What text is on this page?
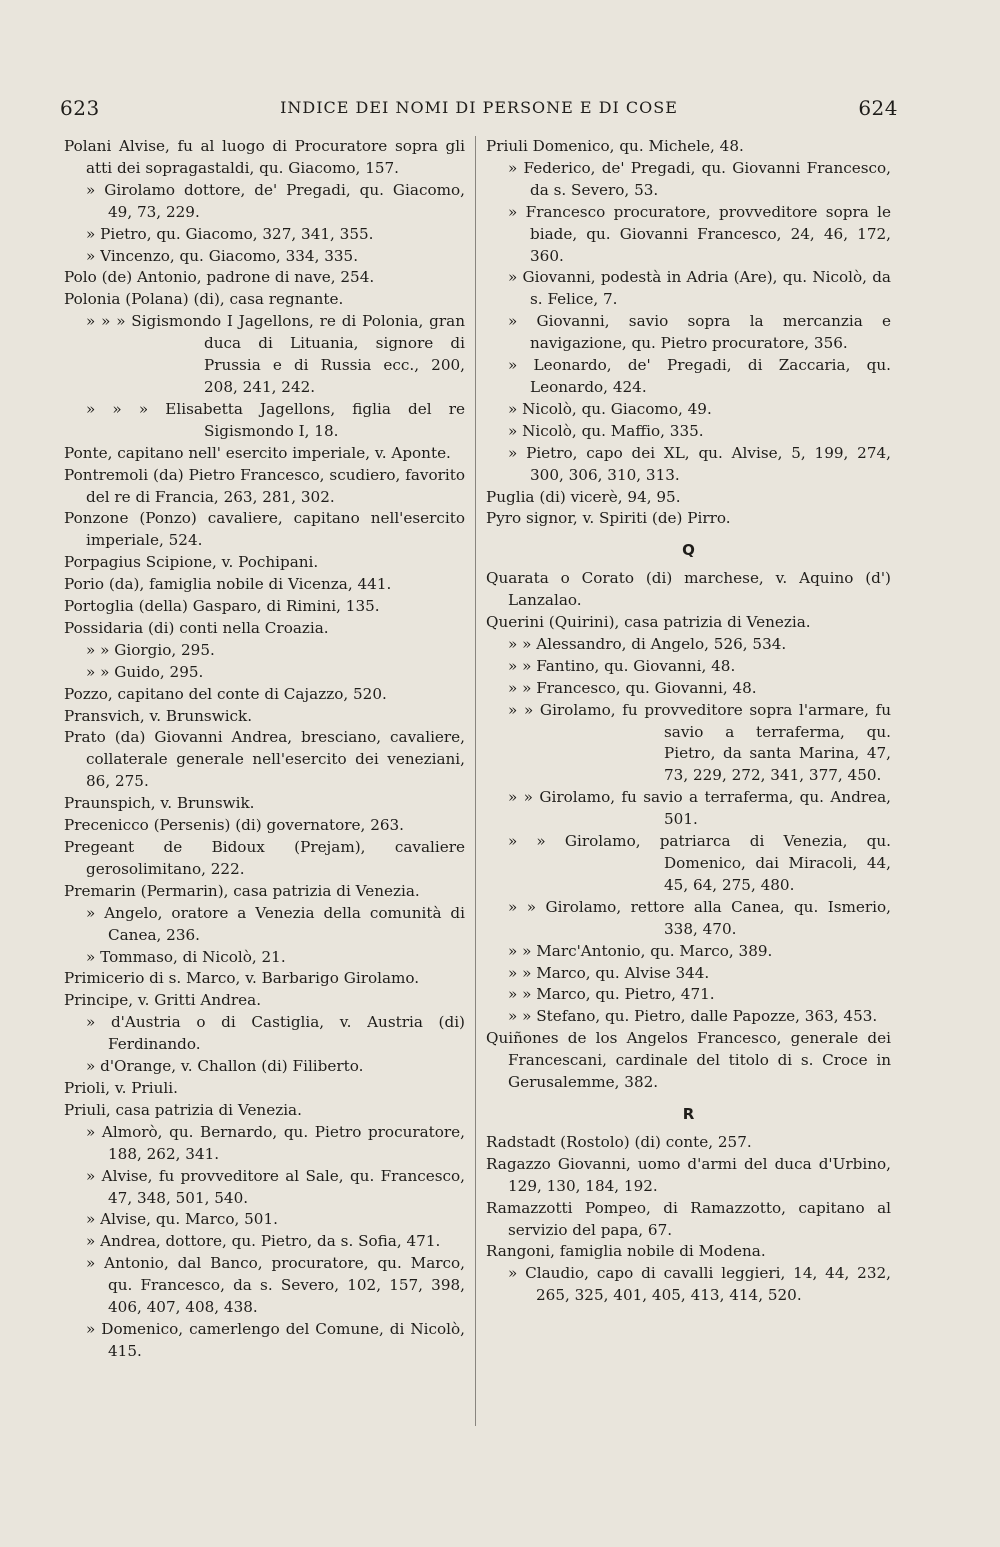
623	INDICE DEI NOMI DI PERSONE E DI COSE	624
Polani Alvise, fu al luogo di Procuratore sopra gli atti dei sopragastaldi, qu. Giacomo, 157.
» Girolamo dottore, de' Pregadi, qu. Giacomo, 49, 73, 229.
» Pietro, qu. Giacomo, 327, 341, 355.
» Vincenzo, qu. Giacomo, 334, 335.
Polo (de) Antonio, padrone di nave, 254.
Polonia (Polana) (di), casa regnante.
» » » Sigismondo I Jagellons, re di Polonia, gran duca di Lituania, signore di Prussia e di Russia ecc., 200, 208, 241, 242.
» » » Elisabetta Jagellons, figlia del re Sigismondo I, 18.
Ponte, capitano nell' esercito imperiale, v. Aponte.
Pontremoli (da) Pietro Francesco, scudiero, favorito del re di Francia, 263, 281, 302.
Ponzone (Ponzo) cavaliere, capitano nell'esercito imperiale, 524.
Porpagius Scipione, v. Pochipani.
Porio (da), famiglia nobile di Vicenza, 441.
Portoglia (della) Gasparo, di Rimini, 135.
Possidaria (di) conti nella Croazia.
» » Giorgio, 295.
» » Guido, 295.
Pozzo, capitano del conte di Cajazzo, 520.
Pransvich, v. Brunswick.
Prato (da) Giovanni Andrea, bresciano, cavaliere, collaterale generale nell'esercito dei veneziani, 86, 275.
Praunspich, v. Brunswik.
Precenicco (Persenis) (di) governatore, 263.
Pregeant de Bidoux (Prejam), cavaliere gerosolimitano, 222.
Premarin (Permarin), casa patrizia di Venezia.
» Angelo, oratore a Venezia della comunità di Canea, 236.
» Tommaso, di Nicolò, 21.
Primicerio di s. Marco, v. Barbarigo Girolamo.
Principe, v. Gritti Andrea.
» d'Austria o di Castiglia, v. Austria (di) Ferdinando.
» d'Orange, v. Challon (di) Filiberto.
Prioli, v. Priuli.
Priuli, casa patrizia di Venezia.
» Almorò, qu. Bernardo, qu. Pietro procuratore, 188, 262, 341.
» Alvise, fu provveditore al Sale, qu. Francesco, 47, 348, 501, 540.
» Alvise, qu. Marco, 501.
» Andrea, dottore, qu. Pietro, da s. Sofia, 471.
» Antonio, dal Banco, procuratore, qu. Marco, qu. Francesco, da s. Severo, 102, 157, 398, 406, 407, 408, 438.
» Domenico, camerlengo del Comune, di Nicolò, 415.
Priuli Domenico, qu. Michele, 48.
» Federico, de' Pregadi, qu. Giovanni Francesco, da s. Severo, 53.
» Francesco procuratore, provveditore sopra le biade, qu. Giovanni Francesco, 24, 46, 172, 360.
» Giovanni, podestà in Adria (Are), qu. Nicolò, da s. Felice, 7.
» Giovanni, savio sopra la mercanzia e navigazione, qu. Pietro procuratore, 356.
» Leonardo, de' Pregadi, di Zaccaria, qu. Leonardo, 424.
» Nicolò, qu. Giacomo, 49.
» Nicolò, qu. Maffio, 335.
» Pietro, capo dei XL, qu. Alvise, 5, 199, 274, 300, 306, 310, 313.
Puglia (di) vicerè, 94, 95.
Pyro signor, v. Spiriti (de) Pirro.
Q
Quarata o Corato (di) marchese, v. Aquino (d') Lanzalao.
Querini (Quirini), casa patrizia di Venezia.
» » Alessandro, di Angelo, 526, 534.
» » Fantino, qu. Giovanni, 48.
» » Francesco, qu. Giovanni, 48.
» » Girolamo, fu provveditore sopra l'armare, fu savio a terraferma, qu. Pietro, da santa Marina, 47, 73, 229, 272, 341, 377, 450.
» » Girolamo, fu savio a terraferma, qu. Andrea, 501.
» » Girolamo, patriarca di Venezia, qu. Domenico, dai Miracoli, 44, 45, 64, 275, 480.
» » Girolamo, rettore alla Canea, qu. Ismerio, 338, 470.
» » Marc'Antonio, qu. Marco, 389.
» » Marco, qu. Alvise 344.
» » Marco, qu. Pietro, 471.
» » Stefano, qu. Pietro, dalle Papozze, 363, 453.
Quiñones de los Angelos Francesco, generale dei Francescani, cardinale del titolo di s. Croce in Gerusalemme, 382.
R
Radstadt (Rostolo) (di) conte, 257.
Ragazzo Giovanni, uomo d'armi del duca d'Urbino, 129, 130, 184, 192.
Ramazzotti Pompeo, di Ramazzotto, capitano al servizio del papa, 67.
Rangoni, famiglia nobile di Modena.
» Claudio, capo di cavalli leggieri, 14, 44, 232, 265, 325, 401, 405, 413, 414, 520.
